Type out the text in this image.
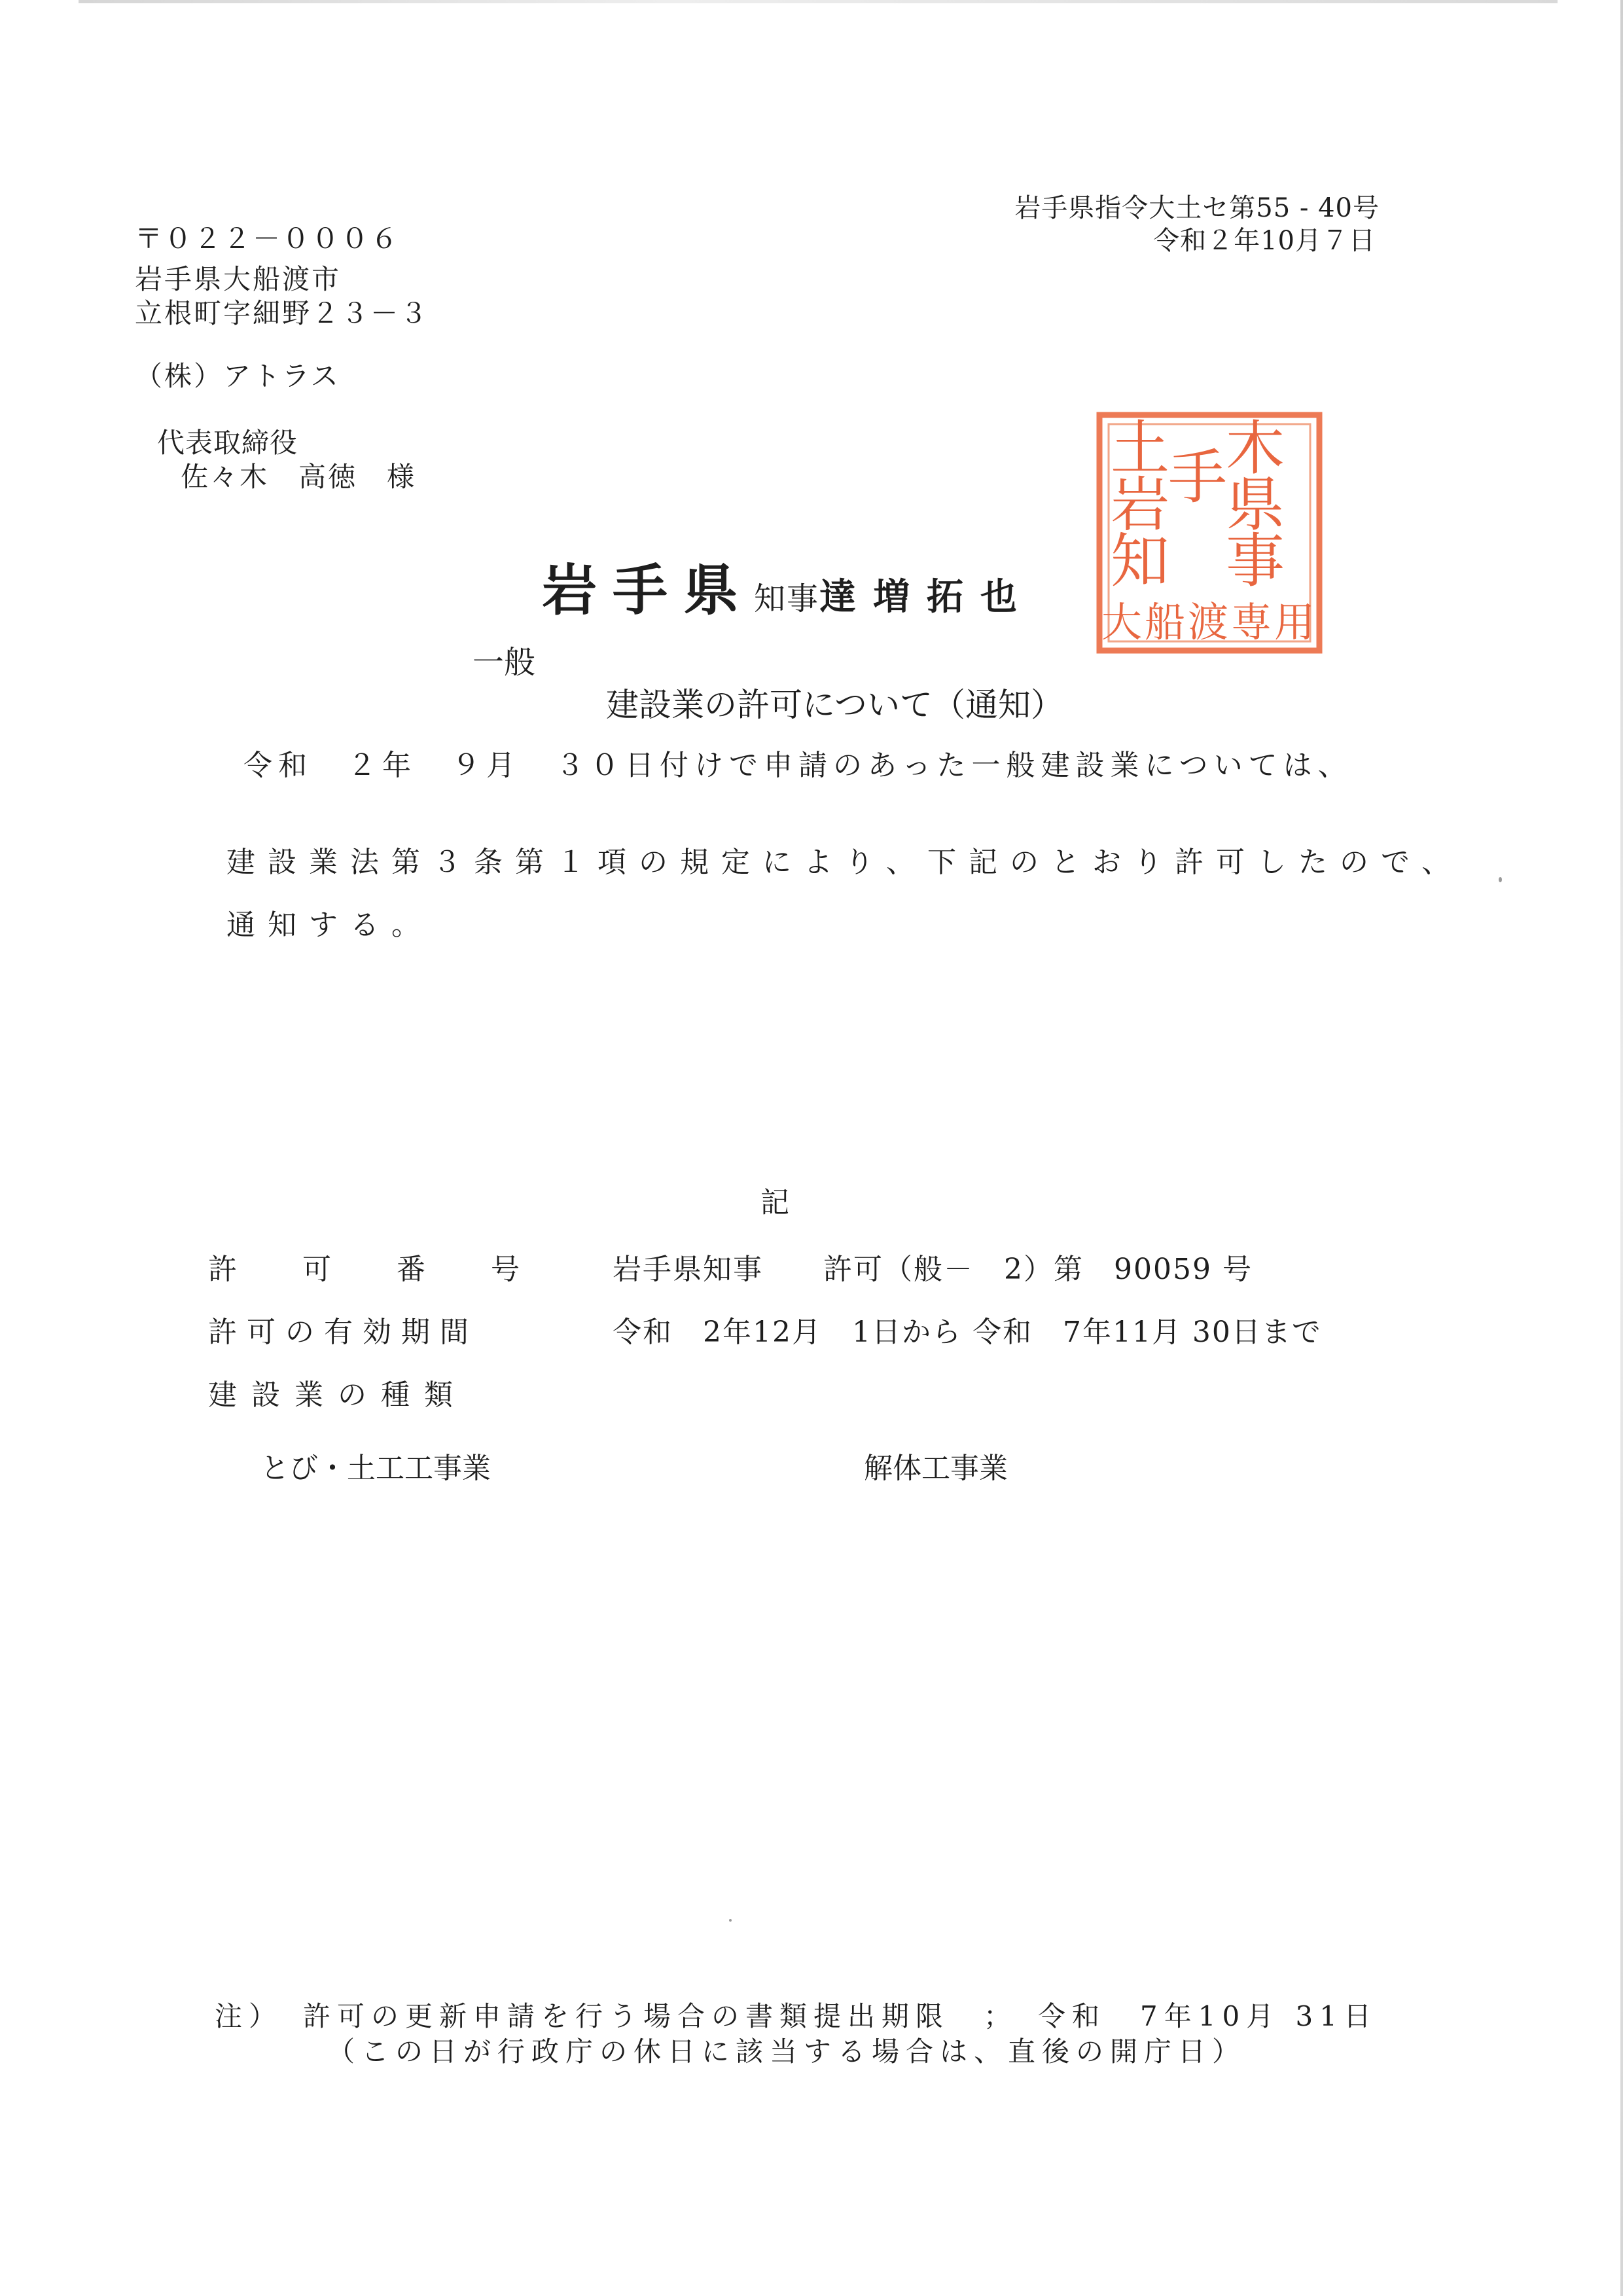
〒０２２－０００６
岩手県大船渡市
立根町字細野２３－３
（株）アトラス
代表取締役
佐々木　高徳　様
岩手県指令大土セ第55 - 40号
令和２年10月７日
岩手県知事達増拓也
木
県
事
手
土
岩
知
大船渡専用
一般
建設業の許可について（通知）
令和　２年　９月　３０日付けで申請のあった一般建設業については、
建設業法第３条第１項の規定により、下記のとおり許可したので、
通知する。
記
許可番号 岩手県知事　　許可（般－　2）第　90059 号
許可の有効期間	令和　2年12月　1日から 令和　7年11月 30日まで
建設業の種類
とび・土工工事業	解体工事業
注）　許可の更新申請を行う場合の書類提出期限　；　令和　7年10月 31日
（この日が行政庁の休日に該当する場合は、直後の開庁日）
